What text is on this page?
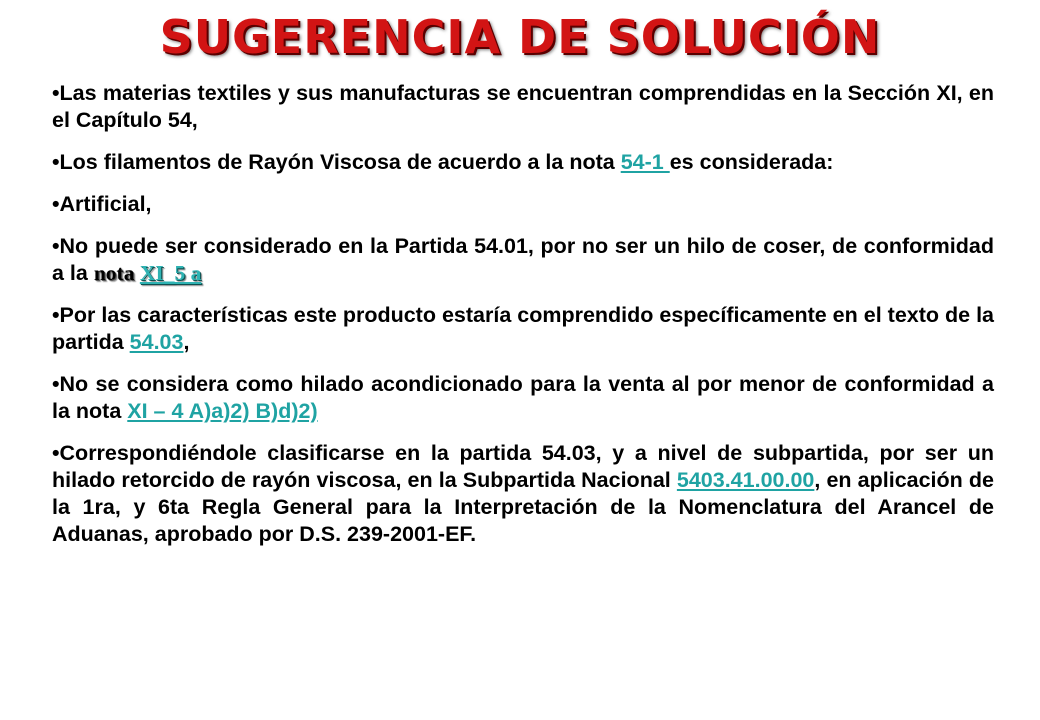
SUGERENCIA DE SOLUCIÓN

•Las materias textiles y sus manufacturas se encuentran comprendidas en la Sección XI, en el Capítulo 54,

•Los filamentos de Rayón Viscosa de acuerdo a la nota 54-1 es considerada:

•Artificial,

•No puede ser considerado en la Partida 54.01, por no ser un hilo de coser, de conformidad a la nota XI_5 a

•Por las características este producto estaría comprendido específicamente en el texto de la partida 54.03,

•No se considera como hilado acondicionado para la venta al por menor de conformidad a la nota XI – 4 A)a)2) B)d)2)

•Correspondiéndole clasificarse en la partida 54.03, y a nivel de subpartida, por ser un hilado retorcido de rayón viscosa, en la Subpartida Nacional 5403.41.00.00, en aplicación de la 1ra, y 6ta Regla General para la Interpretación de la Nomenclatura del Arancel de Aduanas, aprobado por D.S. 239-2001-EF.
